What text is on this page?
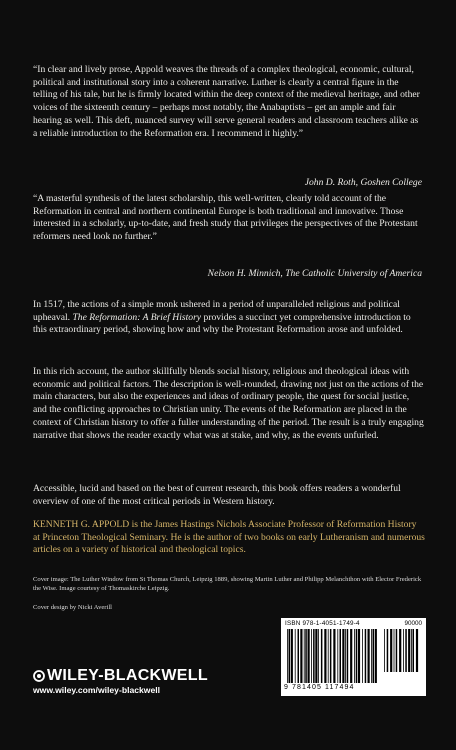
“In clear and lively prose, Appold weaves the threads of a complex theological, economic, cultural, political and institutional story into a coherent narrative. Luther is clearly a central figure in the telling of his tale, but he is firmly located within the deep context of the medieval heritage, and other voices of the sixteenth century – perhaps most notably, the Anabaptists – get an ample and fair hearing as well. This deft, nuanced survey will serve general readers and classroom teachers alike as a reliable introduction to the Reformation era. I recommend it highly.”

John D. Roth, Goshen College

“A masterful synthesis of the latest scholarship, this well-written, clearly told account of the Reformation in central and northern continental Europe is both traditional and innovative. Those interested in a scholarly, up-to-date, and fresh study that privileges the perspectives of the Protestant reformers need look no further.”

Nelson H. Minnich, The Catholic University of America

In 1517, the actions of a simple monk ushered in a period of unparalleled religious and political upheaval. The Reformation: A Brief History provides a succinct yet comprehensive introduction to this extraordinary period, showing how and why the Protestant Reformation arose and unfolded.

In this rich account, the author skillfully blends social history, religious and theological ideas with economic and political factors. The description is well-rounded, drawing not just on the actions of the main characters, but also the experiences and ideas of ordinary people, the quest for social justice, and the conflicting approaches to Christian unity. The events of the Reformation are placed in the context of Christian history to offer a fuller understanding of the period. The result is a truly engaging narrative that shows the reader exactly what was at stake, and why, as the events unfurled.

Accessible, lucid and based on the best of current research, this book offers readers a wonderful overview of one of the most critical periods in Western history.

KENNETH G. APPOLD is the James Hastings Nichols Associate Professor of Reformation History at Princeton Theological Seminary. He is the author of two books on early Lutheranism and numerous articles on a variety of historical and theological topics.

Cover image: The Luther Window from St Thomas Church, Leipzig 1889, showing Martin Luther and Philipp Melanchthon with Elector Frederick the Wise. Image courtesy of Thomaskirche Leipzig.

Cover design by Nicki Averill

WILEY-BLACKWELL
www.wiley.com/wiley-blackwell
ISBN 978-1-4051-1749-4	90000
9 781405 117494
